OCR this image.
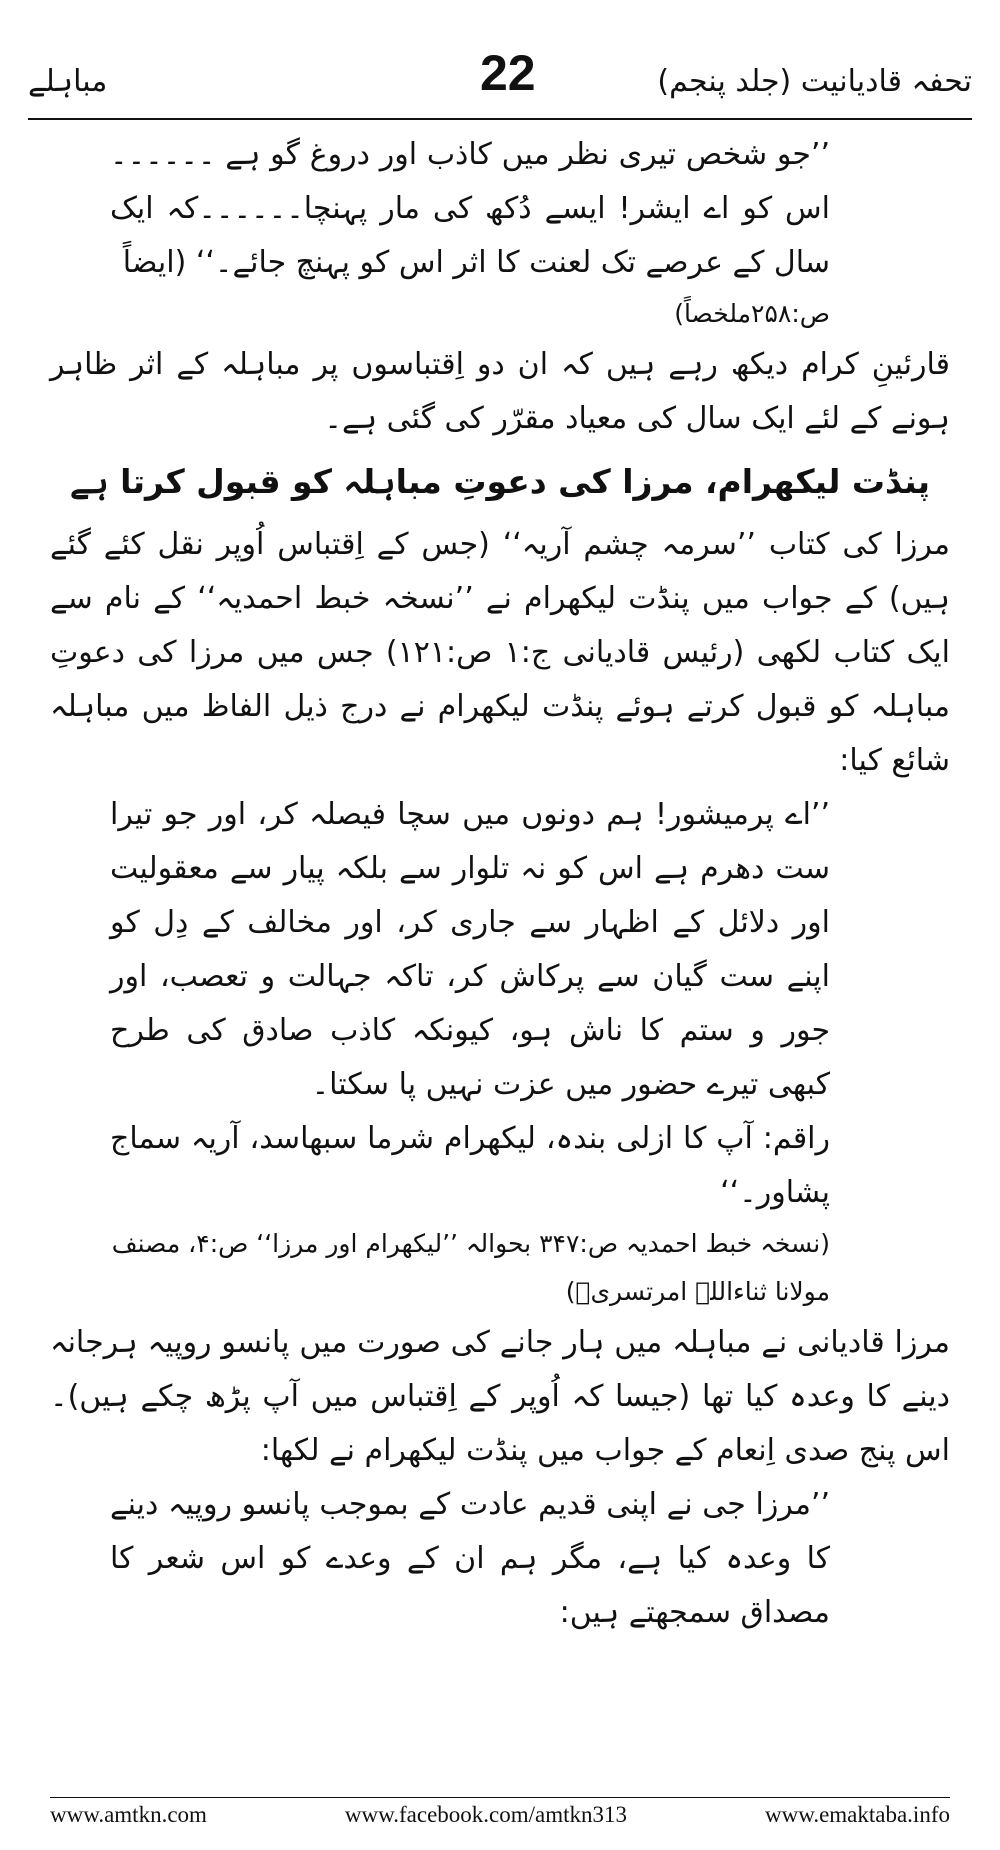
مباہلے	22	تحفہ قادیانیت (جلد پنجم)

’’جو شخص تیری نظر میں کاذب اور دروغ گو ہے ۔۔۔۔۔۔اس کو اے ایشر! ایسے دُکھ کی مار پہنچا۔۔۔۔۔۔کہ ایک سال کے عرصے تک لعنت کا اثر اس کو پہنچ جائے۔‘‘ (ایضاً

ص:۲۵۸ملخصاً)

قارئینِ کرام دیکھ رہے ہیں کہ ان دو اِقتباسوں پر مباہلہ کے اثر ظاہر ہونے کے لئے ایک سال کی معیاد مقرّر کی گئی ہے۔

پنڈت لیکھرام، مرزا کی دعوتِ مباہلہ کو قبول کرتا ہے

مرزا کی کتاب ’’سرمہ چشم آریہ‘‘ (جس کے اِقتباس اُوپر نقل کئے گئے ہیں) کے جواب میں پنڈت لیکھرام نے ’’نسخہ خبط احمدیہ‘‘ کے نام سے ایک کتاب لکھی (رئیس قادیانی ج:۱ ص:۱۲۱) جس میں مرزا کی دعوتِ مباہلہ کو قبول کرتے ہوئے پنڈت لیکھرام نے درج ذیل الفاظ میں مباہلہ شائع کیا:

’’اے پرمیشور! ہم دونوں میں سچا فیصلہ کر، اور جو تیرا ست دھرم ہے اس کو نہ تلوار سے بلکہ پیار سے معقولیت اور دلائل کے اظہار سے جاری کر، اور مخالف کے دِل کو اپنے ست گیان سے پرکاش کر، تاکہ جہالت و تعصب، اور جور و ستم کا ناش ہو، کیونکہ کاذب صادق کی طرح کبھی تیرے حضور میں عزت نہیں پا سکتا۔

راقم: آپ کا ازلی بندہ، لیکھرام شرما سبھاسد، آریہ سماج پشاور۔‘‘

(نسخہ خبط احمدیہ ص:۳۴۷ بحوالہ ’’لیکھرام اور مرزا‘‘ ص:۴، مصنف مولانا ثناءاللہ امرتسریؒ)

مرزا قادیانی نے مباہلہ میں ہار جانے کی صورت میں پانسو روپیہ ہرجانہ دینے کا وعدہ کیا تھا (جیسا کہ اُوپر کے اِقتباس میں آپ پڑھ چکے ہیں)۔ اس پنج صدی اِنعام کے جواب میں پنڈت لیکھرام نے لکھا:

’’مرزا جی نے اپنی قدیم عادت کے بموجب پانسو روپیہ دینے کا وعدہ کیا ہے، مگر ہم ان کے وعدے کو اس شعر کا مصداق سمجھتے ہیں:

www.amtkn.com	www.facebook.com/amtkn313	www.emaktaba.info
